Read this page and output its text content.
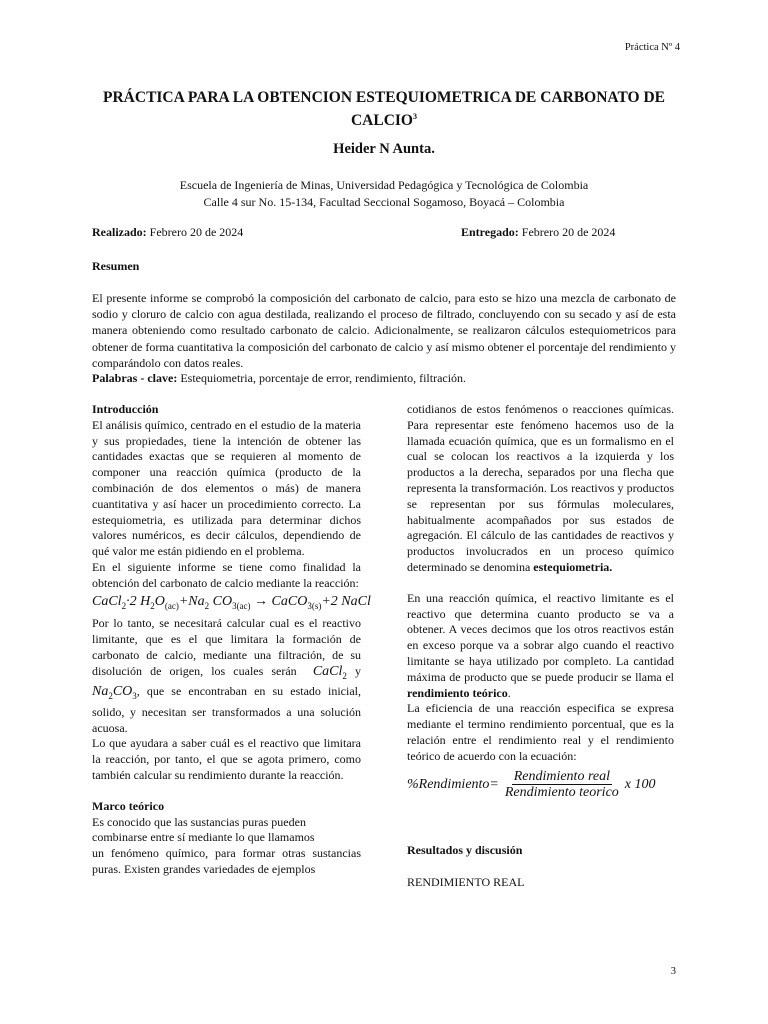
Práctica Nº 4
PRÁCTICA PARA LA OBTENCION ESTEQUIOMETRICA DE CARBONATO DE CALCIO$^3$
Heider N Aunta.
Escuela de Ingeniería de Minas, Universidad Pedagógica y Tecnológica de Colombia
Calle 4 sur No. 15-134, Facultad Seccional Sogamoso, Boyacá – Colombia
Realizado: Febrero 20 de 2024	Entregado: Febrero 20 de 2024
Resumen
El presente informe se comprobó la composición del carbonato de calcio, para esto se hizo una mezcla de carbonato de sodio y cloruro de calcio con agua destilada, realizando el proceso de filtrado, concluyendo con su secado y así de esta manera obteniendo como resultado carbonato de calcio. Adicionalmente, se realizaron cálculos estequiometricos para obtener de forma cuantitativa la composición del carbonato de calcio y así mismo obtener el porcentaje del rendimiento y comparándolo con datos reales.
Palabras - clave: Estequiometria, porcentaje de error, rendimiento, filtración.

Introducción

El análisis químico, centrado en el estudio de la materia y sus propiedades, tiene la intención de obtener las cantidades exactas que se requieren al momento de componer una reacción química (producto de la combinación de dos elementos o más) de manera cuantitativa y así hacer un procedimiento correcto. La estequiometria, es utilizada para determinar dichos valores numéricos, es decir cálculos, dependiendo de qué valor me están pidiendo en el problema.

En el siguiente informe se tiene como finalidad la obtención del carbonato de calcio mediante la reacción:

CaCl$_2$·2 $H_2O_{(ac)}+Na_2$ $CO_{3(ac)}$ → CaCO$_{3(s)}$+2 NaCl

Por lo tanto, se necesitará calcular cual es el reactivo limitante, que es el que limitara la formación de carbonato de calcio, mediante una filtración, de su disolución de origen, los cuales serán CaCl$_2$ y $Na_2CO_3$, que se encontraban en su estado inicial, solido, y necesitan ser transformados a una solución acuosa.

Lo que ayudara a saber cuál es el reactivo que limitara la reacción, por tanto, el que se agota primero, como también calcular su rendimiento durante la reacción.

Marco teórico

Es conocido que las sustancias puras pueden

combinarse entre sí mediante lo que llamamos

un fenómeno químico, para formar otras sustancias puras. Existen grandes variedades de ejemplos

cotidianos de estos fenómenos o reacciones químicas. Para representar este fenómeno hacemos uso de la llamada ecuación química, que es un formalismo en el cual se colocan los reactivos a la izquierda y los productos a la derecha, separados por una flecha que representa la transformación. Los reactivos y productos se representan por sus fórmulas moleculares, habitualmente acompañados por sus estados de agregación. El cálculo de las cantidades de reactivos y productos involucrados en un proceso químico determinado se denomina estequiometria.

En una reacción química, el reactivo limitante es el reactivo que determina cuanto producto se va a obtener. A veces decimos que los otros reactivos están en exceso porque va a sobrar algo cuando el reactivo limitante se haya utilizado por completo. La cantidad máxima de producto que se puede producir se llama el rendimiento teórico.

La eficiencia de una reacción especifica se expresa mediante el termino rendimiento porcentual, que es la relación entre el rendimiento real y el rendimiento teórico de acuerdo con la ecuación:

%Rendimiento = $\frac{\text{Rendimiento real}}{\text{Rendimiento teorico}}$ x 100

Resultados y discusión

RENDIMIENTO REAL

3
